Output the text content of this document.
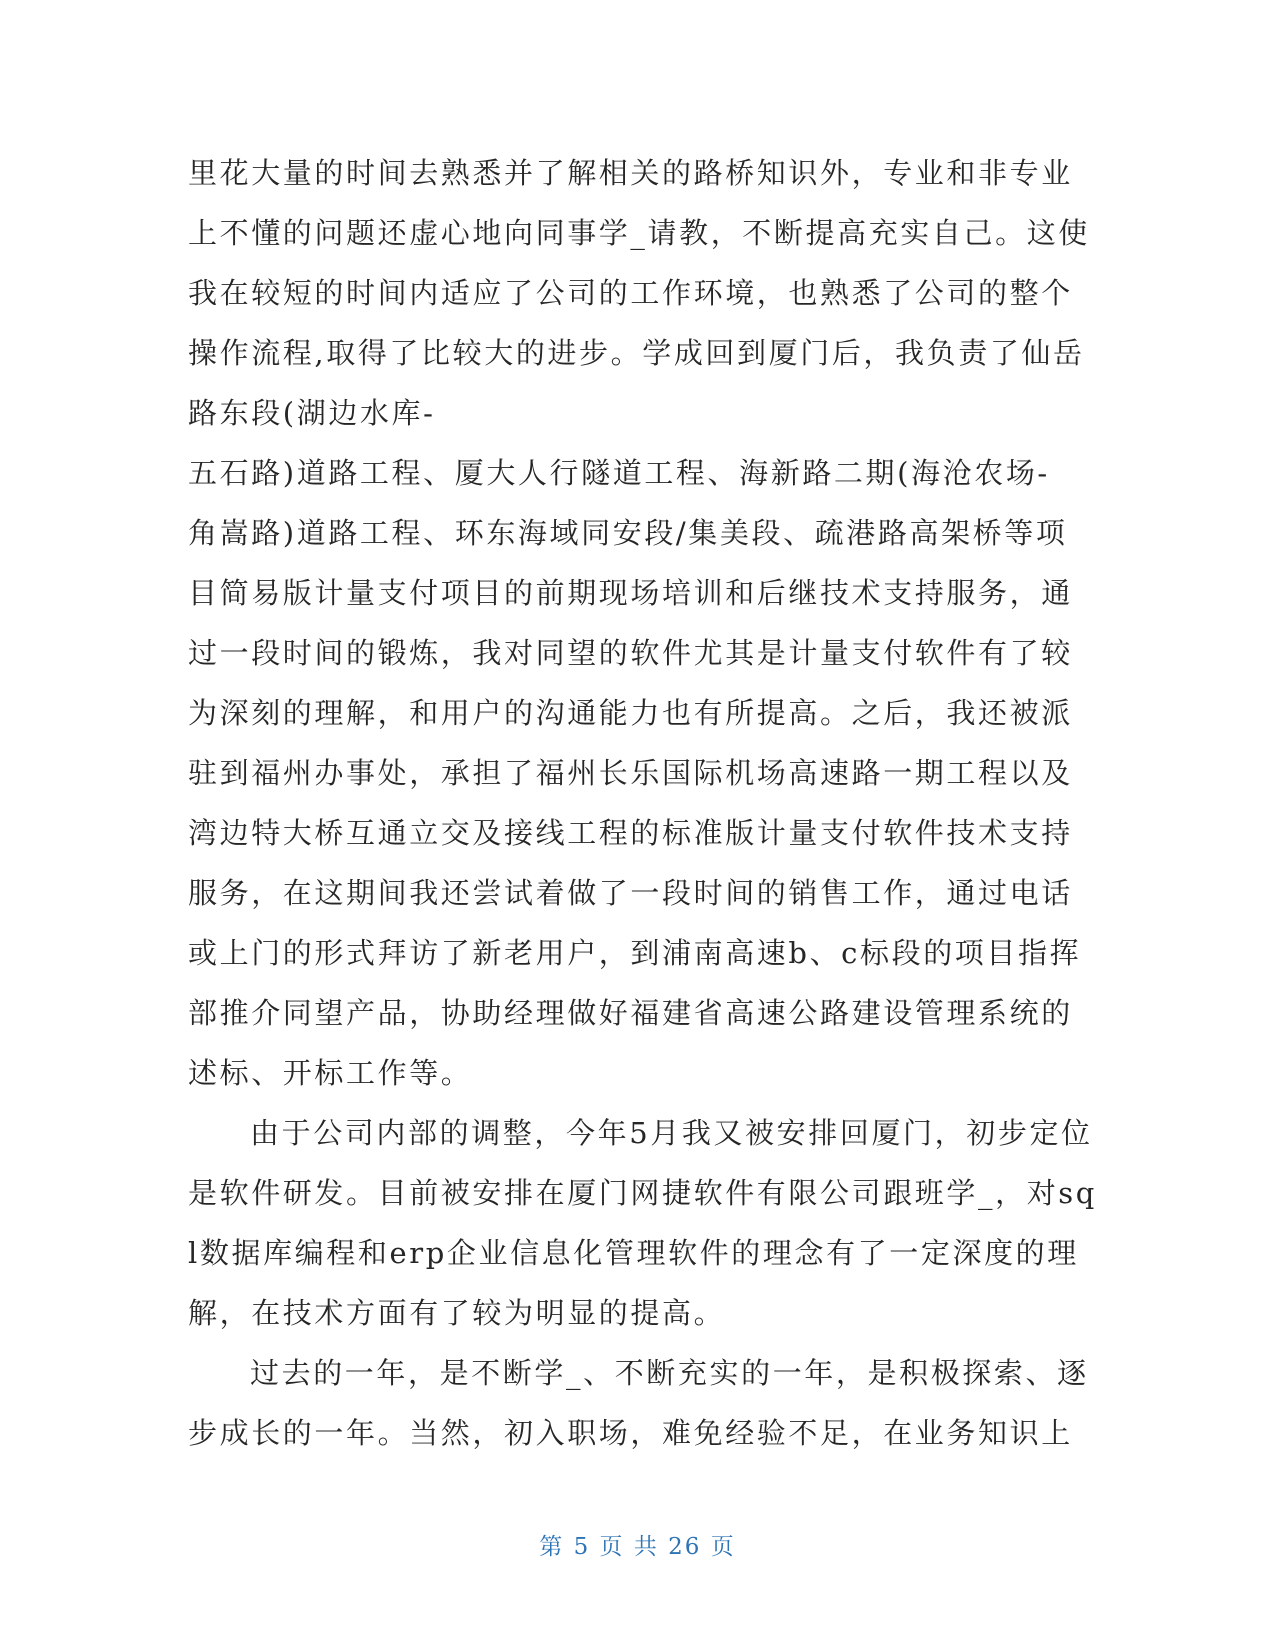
里花大量的时间去熟悉并了解相关的路桥知识外，专业和非专业
上不懂的问题还虚心地向同事学_请教，不断提高充实自己。这使
我在较短的时间内适应了公司的工作环境，也熟悉了公司的整个
操作流程,取得了比较大的进步。学成回到厦门后，我负责了仙岳
路东段(湖边水库-
五石路)道路工程、厦大人行隧道工程、海新路二期(海沧农场-
角嵩路)道路工程、环东海域同安段/集美段、疏港路高架桥等项
目简易版计量支付项目的前期现场培训和后继技术支持服务，通
过一段时间的锻炼，我对同望的软件尤其是计量支付软件有了较
为深刻的理解，和用户的沟通能力也有所提高。之后，我还被派
驻到福州办事处，承担了福州长乐国际机场高速路一期工程以及
湾边特大桥互通立交及接线工程的标准版计量支付软件技术支持
服务，在这期间我还尝试着做了一段时间的销售工作，通过电话
或上门的形式拜访了新老用户，到浦南高速b、c标段的项目指挥
部推介同望产品，协助经理做好福建省高速公路建设管理系统的
述标、开标工作等。
由于公司内部的调整，今年5月我又被安排回厦门，初步定位
是软件研发。目前被安排在厦门网捷软件有限公司跟班学_，对sq
l数据库编程和erp企业信息化管理软件的理念有了一定深度的理
解，在技术方面有了较为明显的提高。
过去的一年，是不断学_、不断充实的一年，是积极探索、逐
步成长的一年。当然，初入职场，难免经验不足，在业务知识上
第 5 页 共 26 页
